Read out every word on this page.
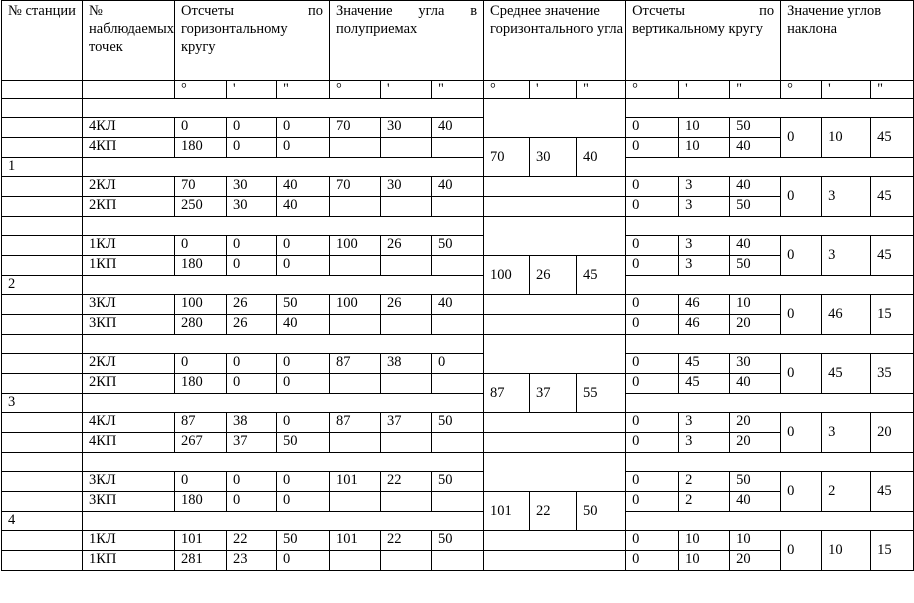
№ станции	№ наблюдаемых точек	Отсчеты по
горизонтальному кругу			Значение угла в
полуприемах			Среднее значение горизонтального угла			Отсчеты по
вертикальному кругу			Значение углов наклона		
		°	'	"	°	'	"	°	'	"	°	'	"	°	'	"

	4КЛ	0	0	0	70	30	40				0	10	50	0	10	45
	4КП	180	0	0				70	30	40	0	10	40			
1																
	2КЛ	70	30	40	70	30	40				0	3	40	0	3	45
	2КП	250	30	40							0	3	50			

	1КЛ	0	0	0	100	26	50				0	3	40	0	3	45
	1КП	180	0	0				100	26	45	0	3	50			
2																
	3КЛ	100	26	50	100	26	40				0	46	10	0	46	15
	3КП	280	26	40							0	46	20			

	2КЛ	0	0	0	87	38	0				0	45	30	0	45	35
	2КП	180	0	0				87	37	55	0	45	40			
3																
	4КЛ	87	38	0	87	37	50				0	3	20	0	3	20
	4КП	267	37	50							0	3	20			

	3КЛ	0	0	0	101	22	50				0	2	50	0	2	45
	3КП	180	0	0				101	22	50	0	2	40			
4																
	1КЛ	101	22	50	101	22	50				0	10	10	0	10	15
	1КП	281	23	0							0	10	20			
